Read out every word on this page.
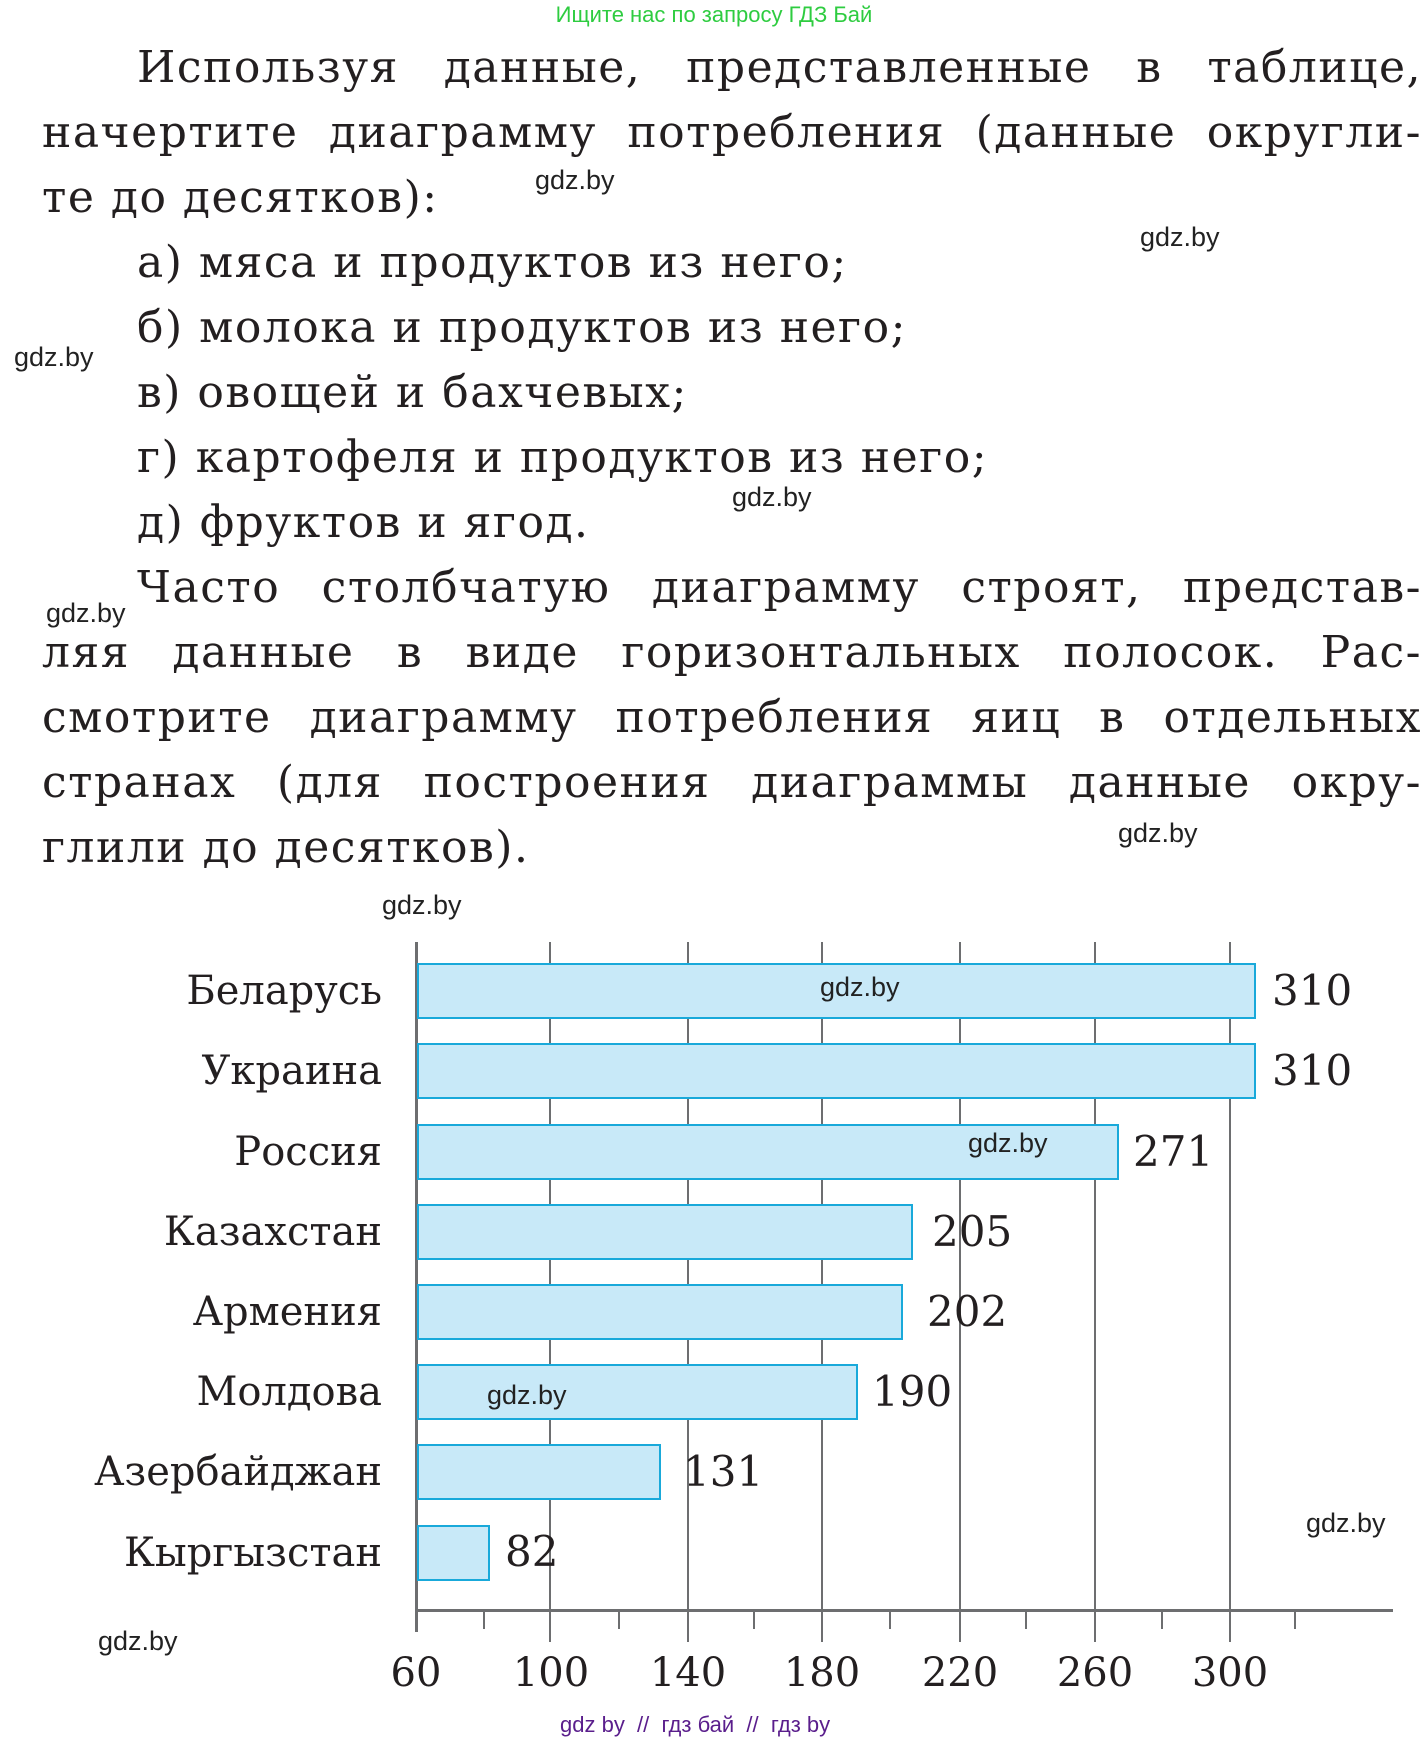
Ищите нас по запросу ГДЗ Бай
Используя данные, представленные в таблице,
начертите диаграмму потребления (данные округли-
те до десятков):
а) мяса и продуктов из него;
б) молока и продуктов из него;
в) овощей и бахчевых;
г) картофеля и продуктов из него;
д) фруктов и ягод.
Часто столбчатую диаграмму строят, представ-
ляя данные в виде горизонтальных полосок. Рас-
смотрите диаграмму потребления яиц в отдельных
странах (для построения диаграммы данные окру-
глили до десятков).
Беларусь
Украина
Россия
Казахстан
Армения
Молдова
Азербайджан
Кыргызстан
310
310
271
205
202
190
131
82
60 100 140 180 220 260 300
gdz.by
gdz.by
gdz.by
gdz.by
gdz.by
gdz.by
gdz.by
gdz.by
gdz.by
gdz.by
gdz.by
gdz.by
gdz by  //  гдз бай  //  гдз by
